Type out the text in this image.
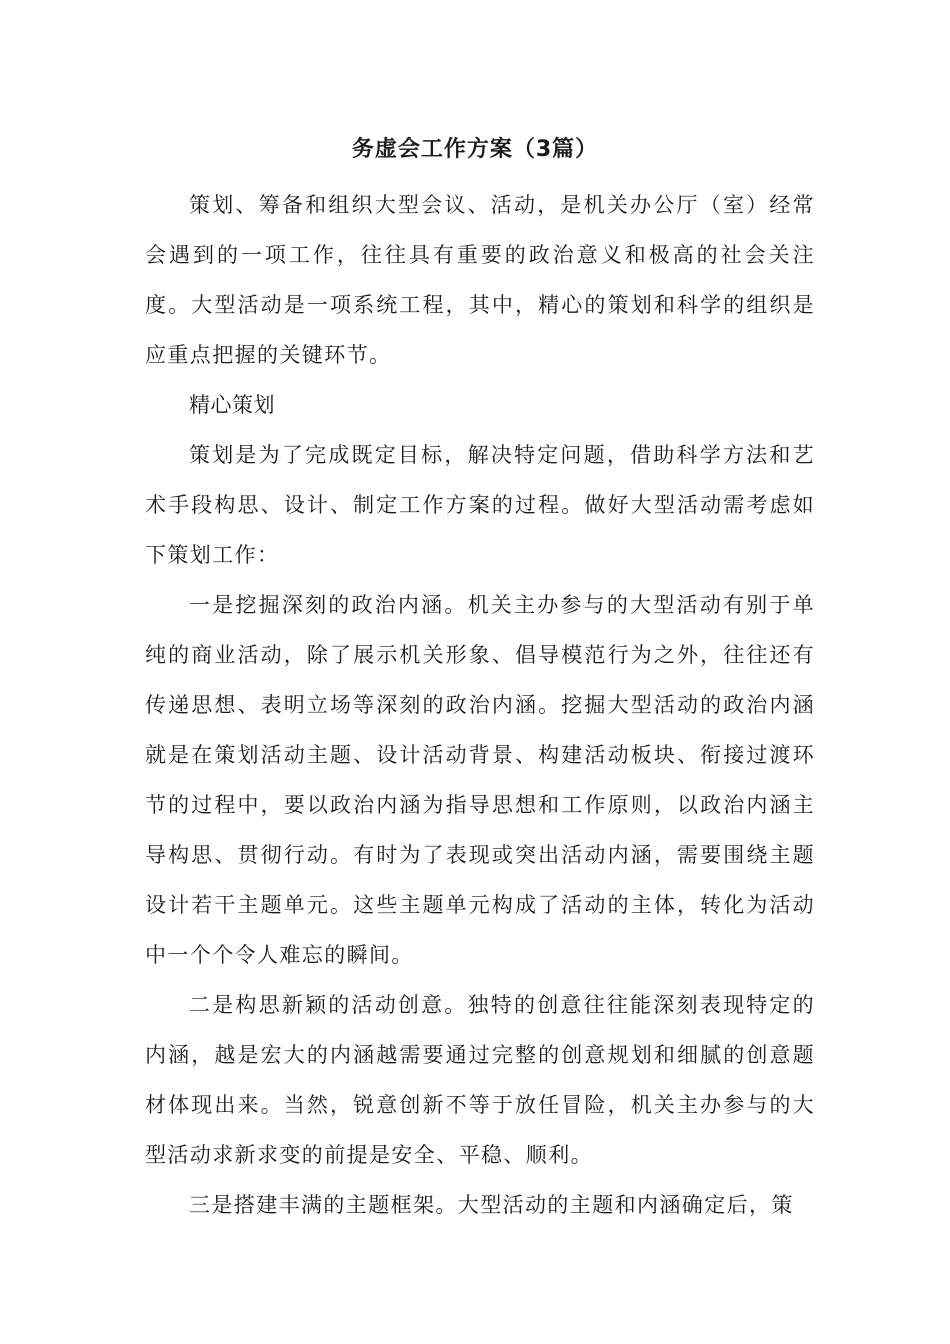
务虚会工作方案（3篇）

策划、筹备和组织大型会议、活动，是机关办公厅（室）经常会遇到的一项工作，往往具有重要的政治意义和极高的社会关注度。大型活动是一项系统工程，其中，精心的策划和科学的组织是应重点把握的关键环节。

精心策划

策划是为了完成既定目标，解决特定问题，借助科学方法和艺术手段构思、设计、制定工作方案的过程。做好大型活动需考虑如下策划工作：

一是挖掘深刻的政治内涵。机关主办参与的大型活动有别于单纯的商业活动，除了展示机关形象、倡导模范行为之外，往往还有传递思想、表明立场等深刻的政治内涵。挖掘大型活动的政治内涵就是在策划活动主题、设计活动背景、构建活动板块、衔接过渡环节的过程中，要以政治内涵为指导思想和工作原则，以政治内涵主导构思、贯彻行动。有时为了表现或突出活动内涵，需要围绕主题设计若干主题单元。这些主题单元构成了活动的主体，转化为活动中一个个令人难忘的瞬间。

二是构思新颖的活动创意。独特的创意往往能深刻表现特定的内涵，越是宏大的内涵越需要通过完整的创意规划和细腻的创意题材体现出来。当然，锐意创新不等于放任冒险，机关主办参与的大型活动求新求变的前提是安全、平稳、顺利。

三是搭建丰满的主题框架。大型活动的主题和内涵确定后，策
